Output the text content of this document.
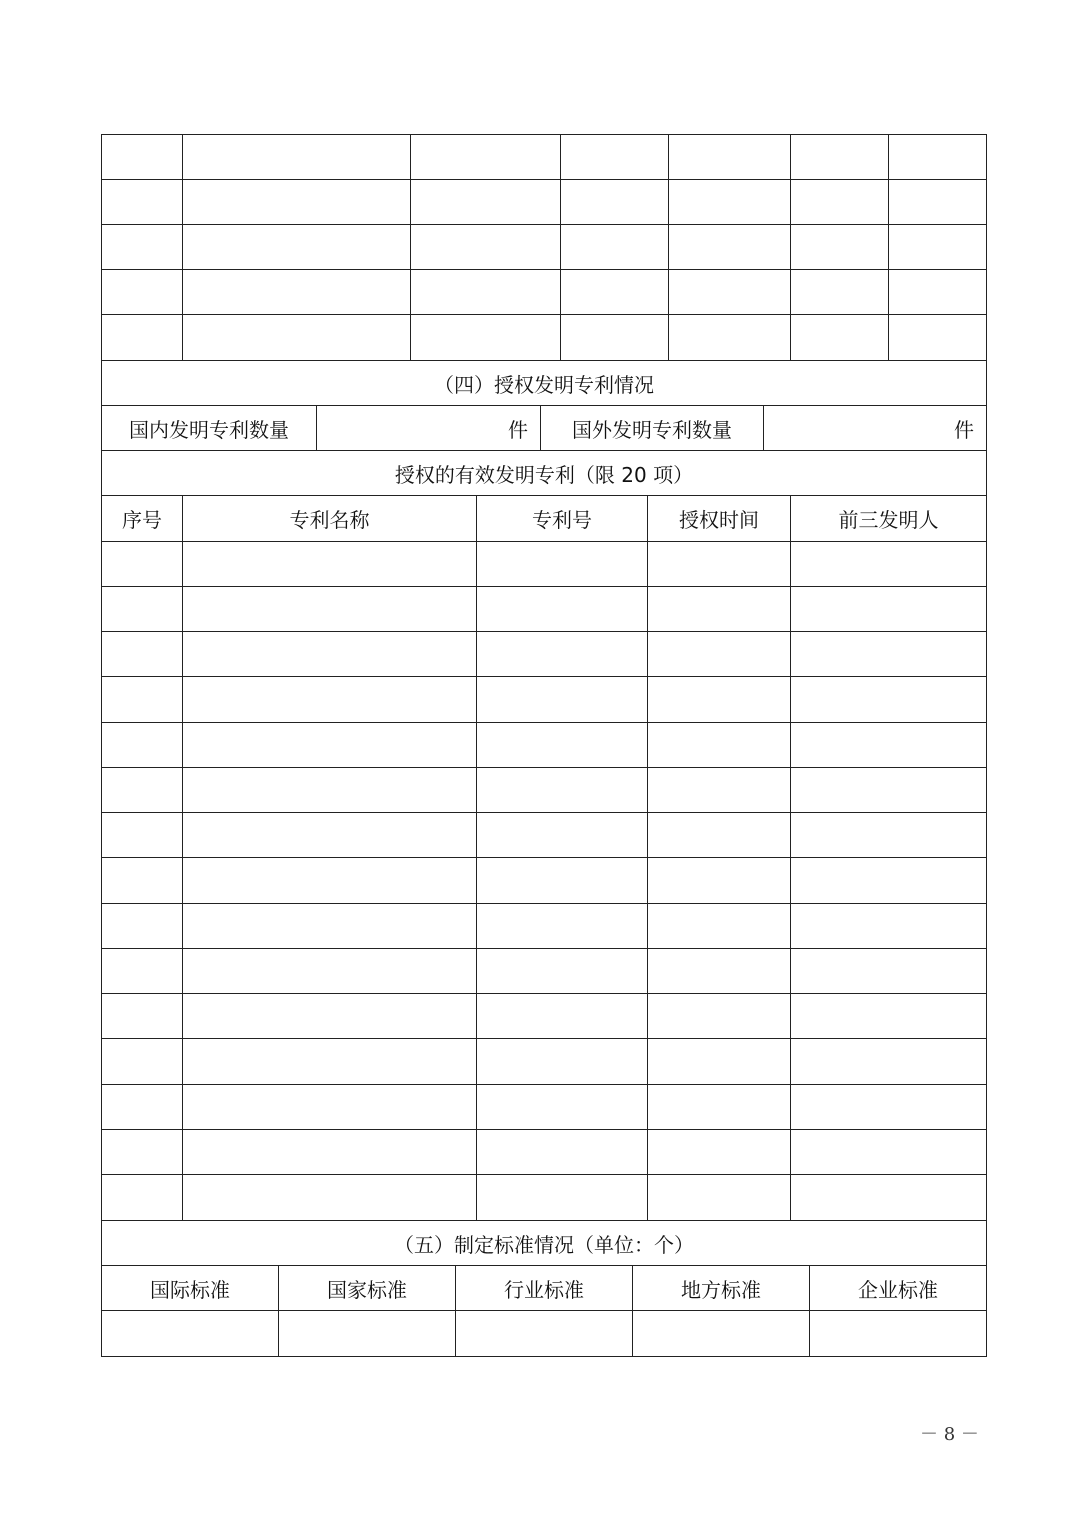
（四）授权发明专利情况
国内发明专利数量	件	国外发明专利数量	件
授权的有效发明专利（限 20 项）
（五）制定标准情况（单位：个）
－ 8 －
序号	专利名称	专利号	授权时间	前三发明人
国际标准	国家标准	行业标准	地方标准	企业标准
